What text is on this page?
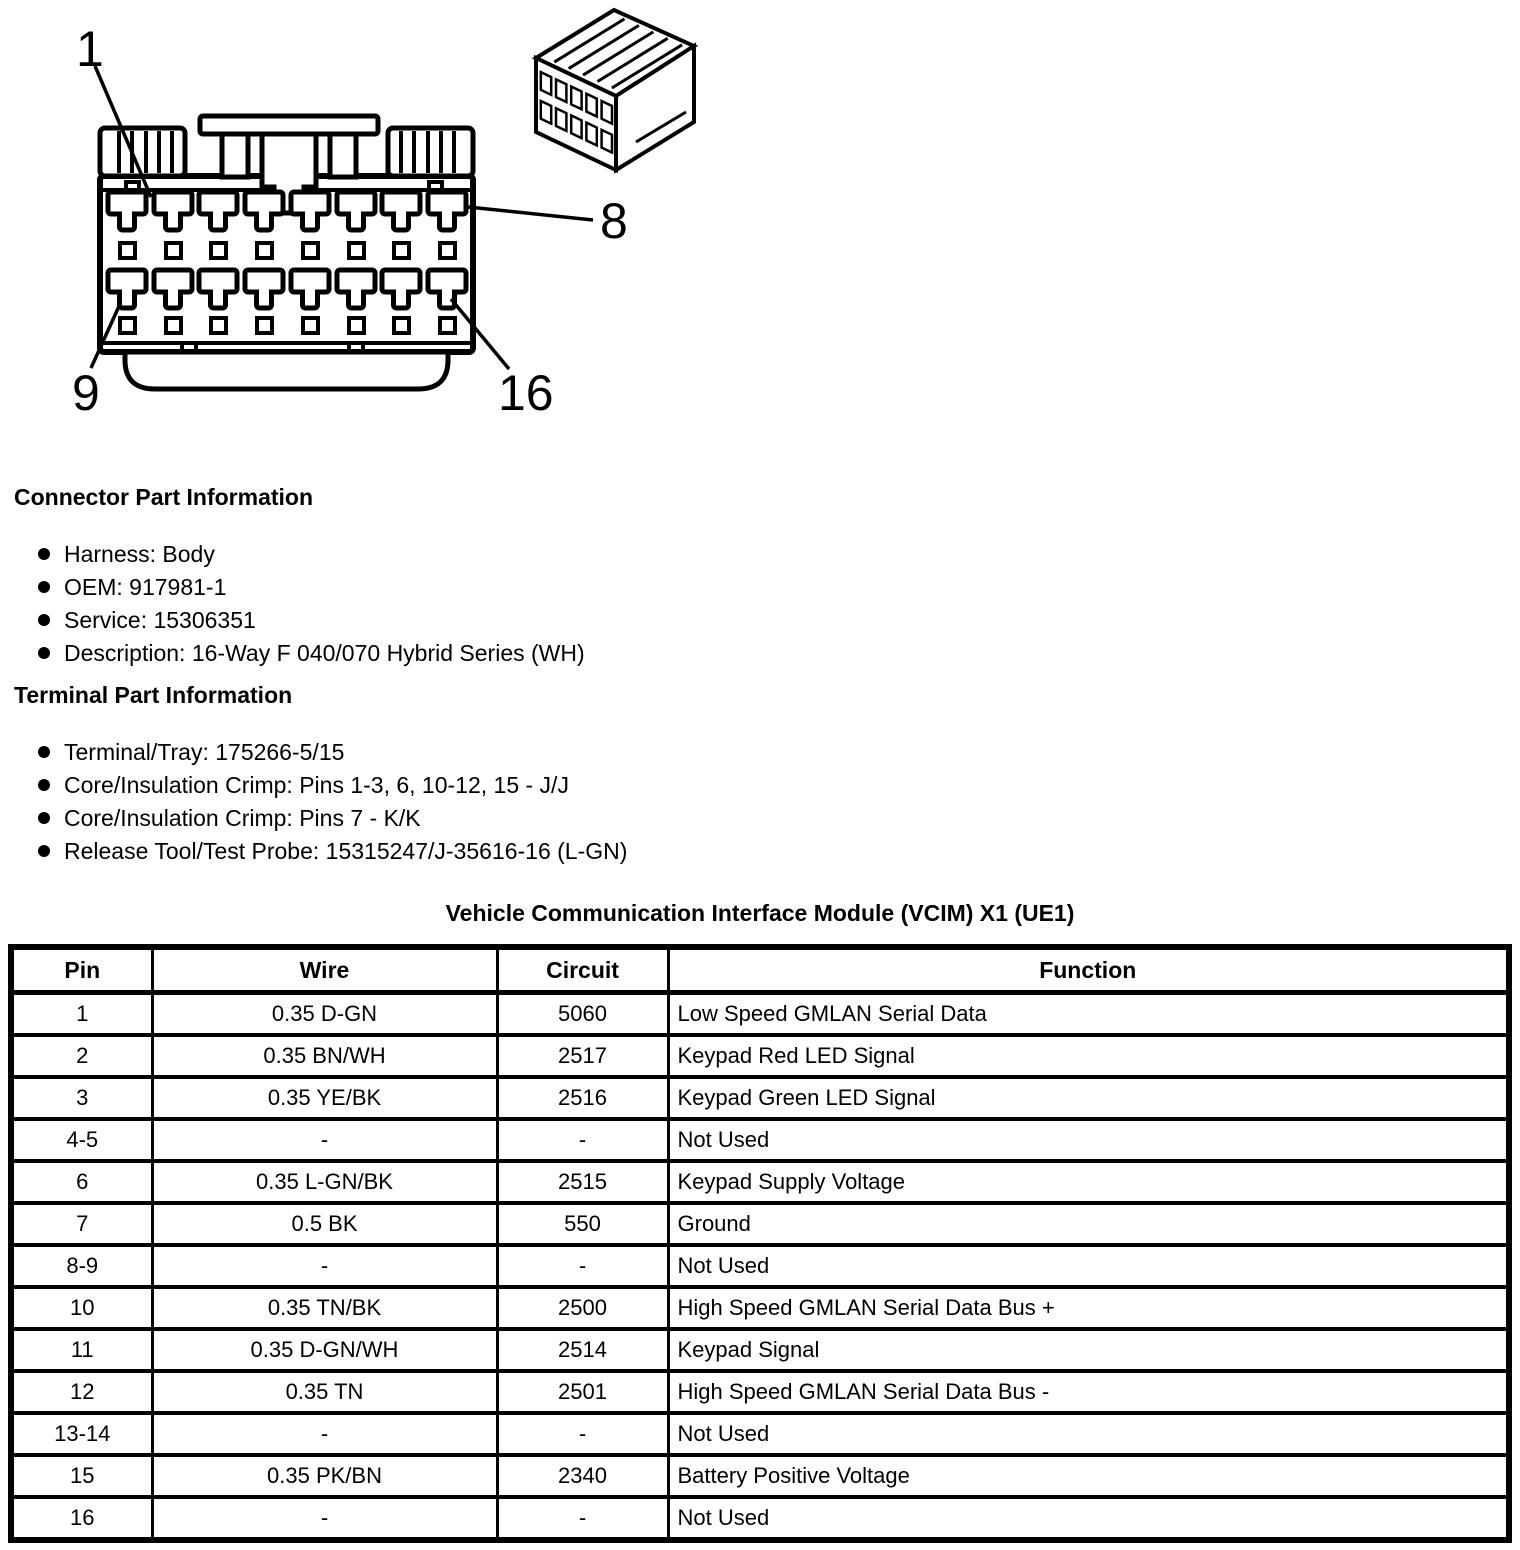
1
8
9	16
Connector Part Information
Harness: Body
OEM: 917981-1
Service: 15306351
Description: 16-Way F 040/070 Hybrid Series (WH)
Terminal Part Information
Terminal/Tray: 175266-5/15
Core/Insulation Crimp: Pins 1-3, 6, 10-12, 15 - J/J
Core/Insulation Crimp: Pins 7 - K/K
Release Tool/Test Probe: 15315247/J-35616-16 (L-GN)
Vehicle Communication Interface Module (VCIM) X1 (UE1)
Pin	Wire	Circuit	Function
1	0.35 D-GN	5060	Low Speed GMLAN Serial Data
2	0.35 BN/WH	2517	Keypad Red LED Signal
3	0.35 YE/BK	2516	Keypad Green LED Signal
4-5	-	-	Not Used
6	0.35 L-GN/BK	2515	Keypad Supply Voltage
7	0.5 BK	550	Ground
8-9	-	-	Not Used
10	0.35 TN/BK	2500	High Speed GMLAN Serial Data Bus +
11	0.35 D-GN/WH	2514	Keypad Signal
12	0.35 TN	2501	High Speed GMLAN Serial Data Bus -
13-14	-	-	Not Used
15	0.35 PK/BN	2340	Battery Positive Voltage
16	-	-	Not Used
